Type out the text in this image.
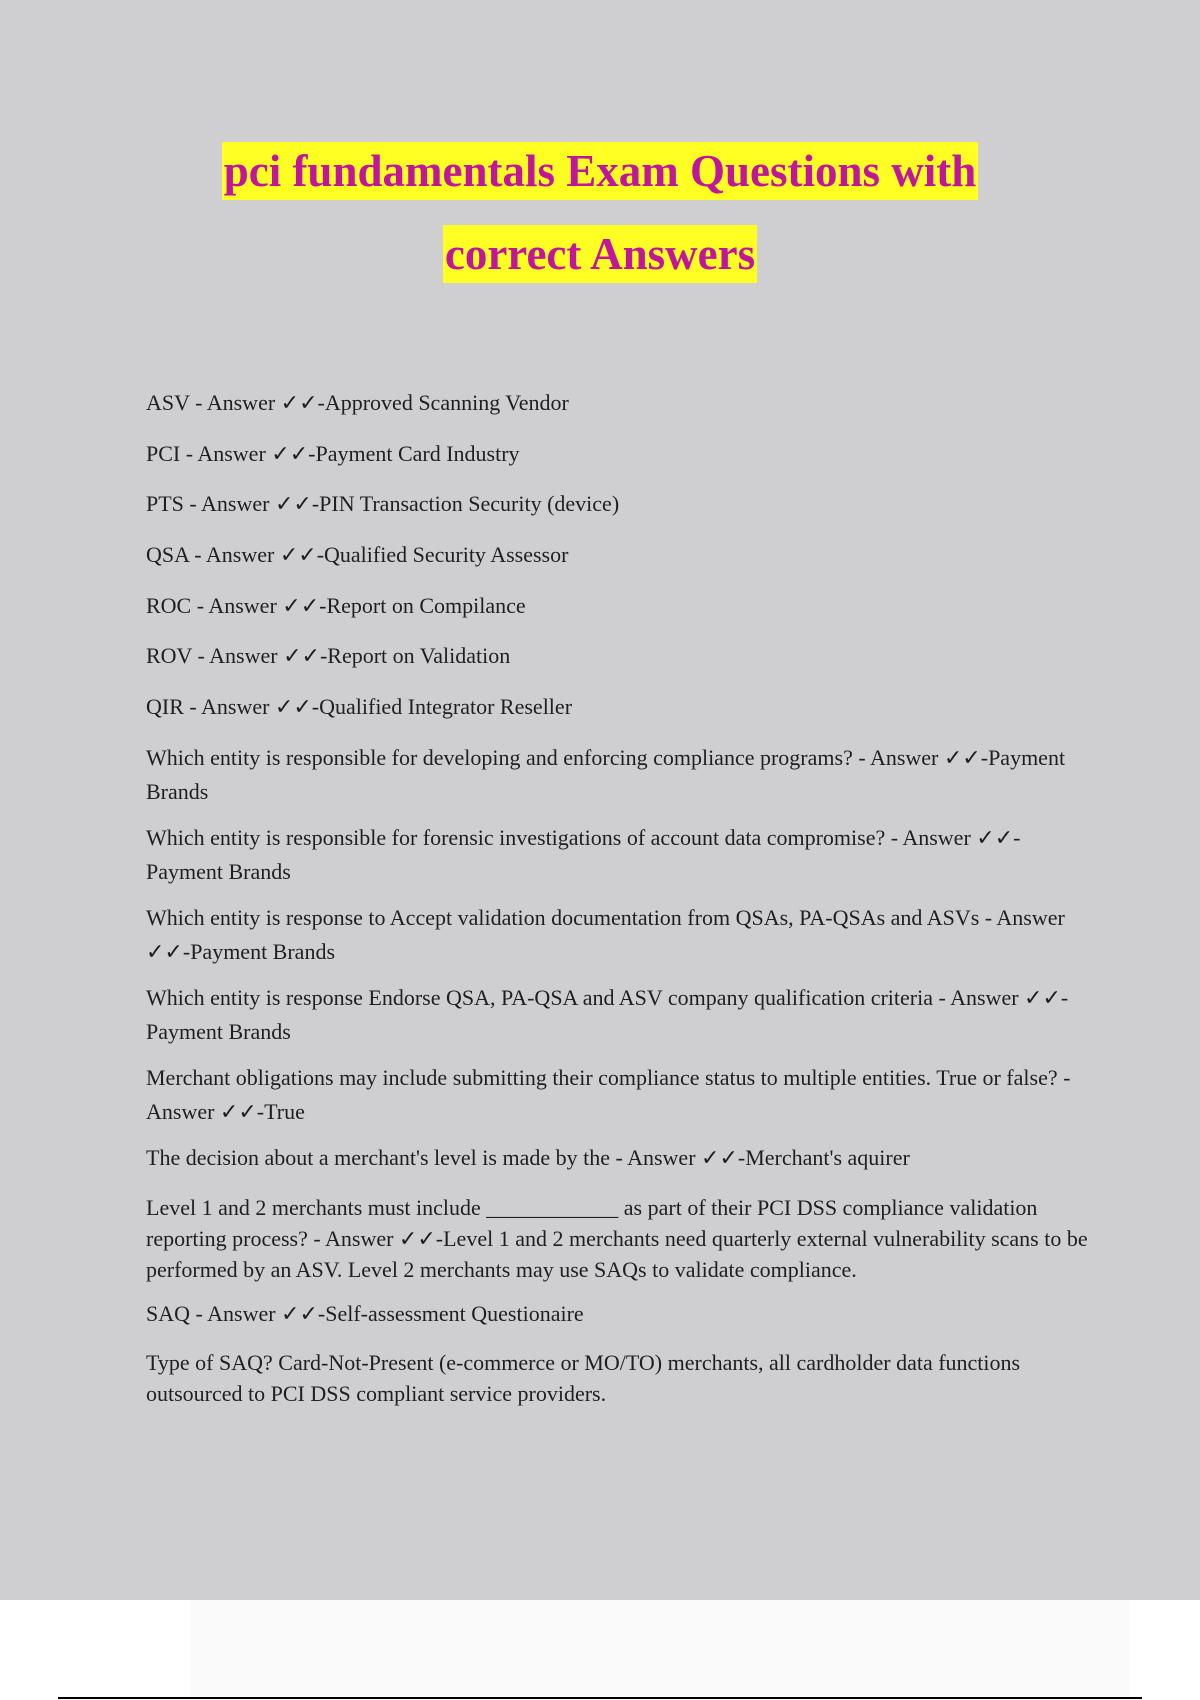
pci fundamentals Exam Questions with
correct Answers

ASV - Answer ✓✓-Approved Scanning Vendor

PCI - Answer ✓✓-Payment Card Industry

PTS - Answer ✓✓-PIN Transaction Security (device)

QSA - Answer ✓✓-Qualified Security Assessor

ROC - Answer ✓✓-Report on Compilance

ROV - Answer ✓✓-Report on Validation

QIR - Answer ✓✓-Qualified Integrator Reseller

Which entity is responsible for developing and enforcing compliance programs? - Answer ✓✓-Payment Brands

Which entity is responsible for forensic investigations of account data compromise? - Answer ✓✓-Payment Brands

Which entity is response to Accept validation documentation from QSAs, PA-QSAs and ASVs - Answer ✓✓-Payment Brands

Which entity is response Endorse QSA, PA-QSA and ASV company qualification criteria - Answer ✓✓-Payment Brands

Merchant obligations may include submitting their compliance status to multiple entities. True or false? - Answer ✓✓-True

The decision about a merchant's level is made by the - Answer ✓✓-Merchant's aquirer

Level 1 and 2 merchants must include ____________ as part of their PCI DSS compliance validation reporting process? - Answer ✓✓-Level 1 and 2 merchants need quarterly external vulnerability scans to be performed by an ASV. Level 2 merchants may use SAQs to validate compliance.

SAQ - Answer ✓✓-Self-assessment Questionaire

Type of SAQ? Card-Not-Present (e-commerce or MO/TO) merchants, all cardholder data functions outsourced to PCI DSS compliant service providers.
